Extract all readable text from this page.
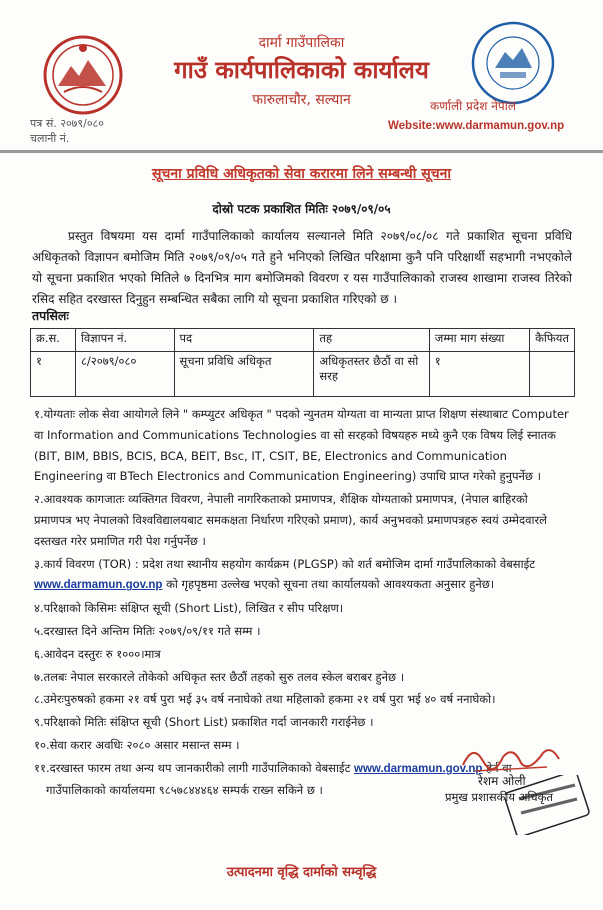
दार्मा गाउँपालिका
गाउँ कार्यपालिकाको कार्यालय
फारुलाचौर, सल्यान	कर्णाली प्रदेश नेपाल
Website:www.darmamun.gov.np
पत्र सं. २०७९/०८०
चलानी नं.
सूचना प्रविधि अधिकृतको सेवा करारमा लिने सम्बन्धी सूचना
दोस्रो पटक प्रकाशित मितिः २०७९/०९/०५
प्रस्तुत विषयमा यस दार्मा गाउँपालिकाको कार्यालय सल्यानले मिति २०७९/०८/०८ गते प्रकाशित सूचना प्रविधि अधिकृतको विज्ञापन बमोजिम मिति २०७९/०९/०५ गते हुने भनिएको लिखित परिक्षामा कुनै पनि परिक्षार्थी सहभागी नभएकोले यो सूचना प्रकाशित भएको मितिले ७ दिनभित्र माग बमोजिमको विवरण र यस गाउँपालिकाको राजस्व शाखामा राजस्व तिरेको रसिद सहित दरखास्त दिनुहुन सम्बन्धित सबैका लागि यो सूचना प्रकाशित गरिएको छ ।
तपसिलः
क्र.स.	विज्ञापन नं.	पद	तह	जम्मा माग संख्या	कैफियत
१	८/२०७९/०८०	सूचना प्रविधि अधिकृत	अधिकृतस्तर छैठौं वा सो सरह	१	
१.योग्यताः लोक सेवा आयोगले लिने " कम्प्युटर अधिकृत " पदको न्युनतम योग्यता वा मान्यता प्राप्त शिक्षण संस्थाबाट Computer वा Information and Communications Technologies वा सो सरहको विषयहरु मध्ये कुनै एक विषय लिई स्नातक (BIT, BIM, BBIS, BCIS, BCA, BEIT, Bsc, IT, CSIT, BE, Electronics and Communication Engineering वा BTech Electronics and Communication Engineering) उपाधि प्राप्त गरेको हुनुपर्नेछ ।
२.आवश्यक कागजातः व्यक्तिगत विवरण, नेपाली नागरिकताको प्रमाणपत्र, शैक्षिक योग्यताको प्रमाणपत्र, (नेपाल बाहिरको प्रमाणपत्र भए नेपालको विश्वविद्यालयबाट समकक्षता निर्धारण गरिएको प्रमाण), कार्य अनुभवको प्रमाणपत्रहरु स्वयं उम्मेदवारले दस्तखत गरेर प्रमाणित गरी पेश गर्नुपर्नेछ ।
३.कार्य विवरण (TOR) : प्रदेश तथा स्थानीय सहयोग कार्यक्रम (PLGSP) को शर्त बमोजिम दार्मा गाउँपालिकाको वेबसाईट www.darmamun.gov.np को गृहपृष्ठमा उल्लेख भएको सूचना तथा कार्यालयको आवश्यकता अनुसार हुनेछ।
४.परिक्षाको किसिमः संक्षिप्त सूची (Short List), लिखित र सीप परिक्षण।
५.दरखास्त दिने अन्तिम मितिः २०७९/०९/११ गते सम्म ।
६.आवेदन दस्तुरः रु १०००।मात्र
७.तलबः नेपाल सरकारले तोकेको अधिकृत स्तर छैठौं तहको सुरु तलव स्केल बराबर हुनेछ ।
८.उमेरःपुरुषको हकमा २१ वर्ष पुरा भई ३५ वर्ष ननाघेको तथा महिलाको हकमा २१ वर्ष पुरा भई ४० वर्ष ननाघेको।
९.परिक्षाको मितिः संक्षिप्त सूची (Short List) प्रकाशित गर्दा जानकारी गराईनेछ ।
१०.सेवा करार अवधिः २०८० असार मसान्त सम्म ।
११.दरखास्त फारम तथा अन्य थप जानकारीको लागी गाउँपालिकाको वेबसाईट www.darmamun.gov.np हेर्न वा
गाउँपालिकाको कार्यालयमा ९८५७८४४४६४ सम्पर्क राख्न सकिने छ ।
रेशम ओली
प्रमुख प्रशासकीय अधिकृत
उत्पादनमा वृद्धि दार्माको सम्वृद्धि
